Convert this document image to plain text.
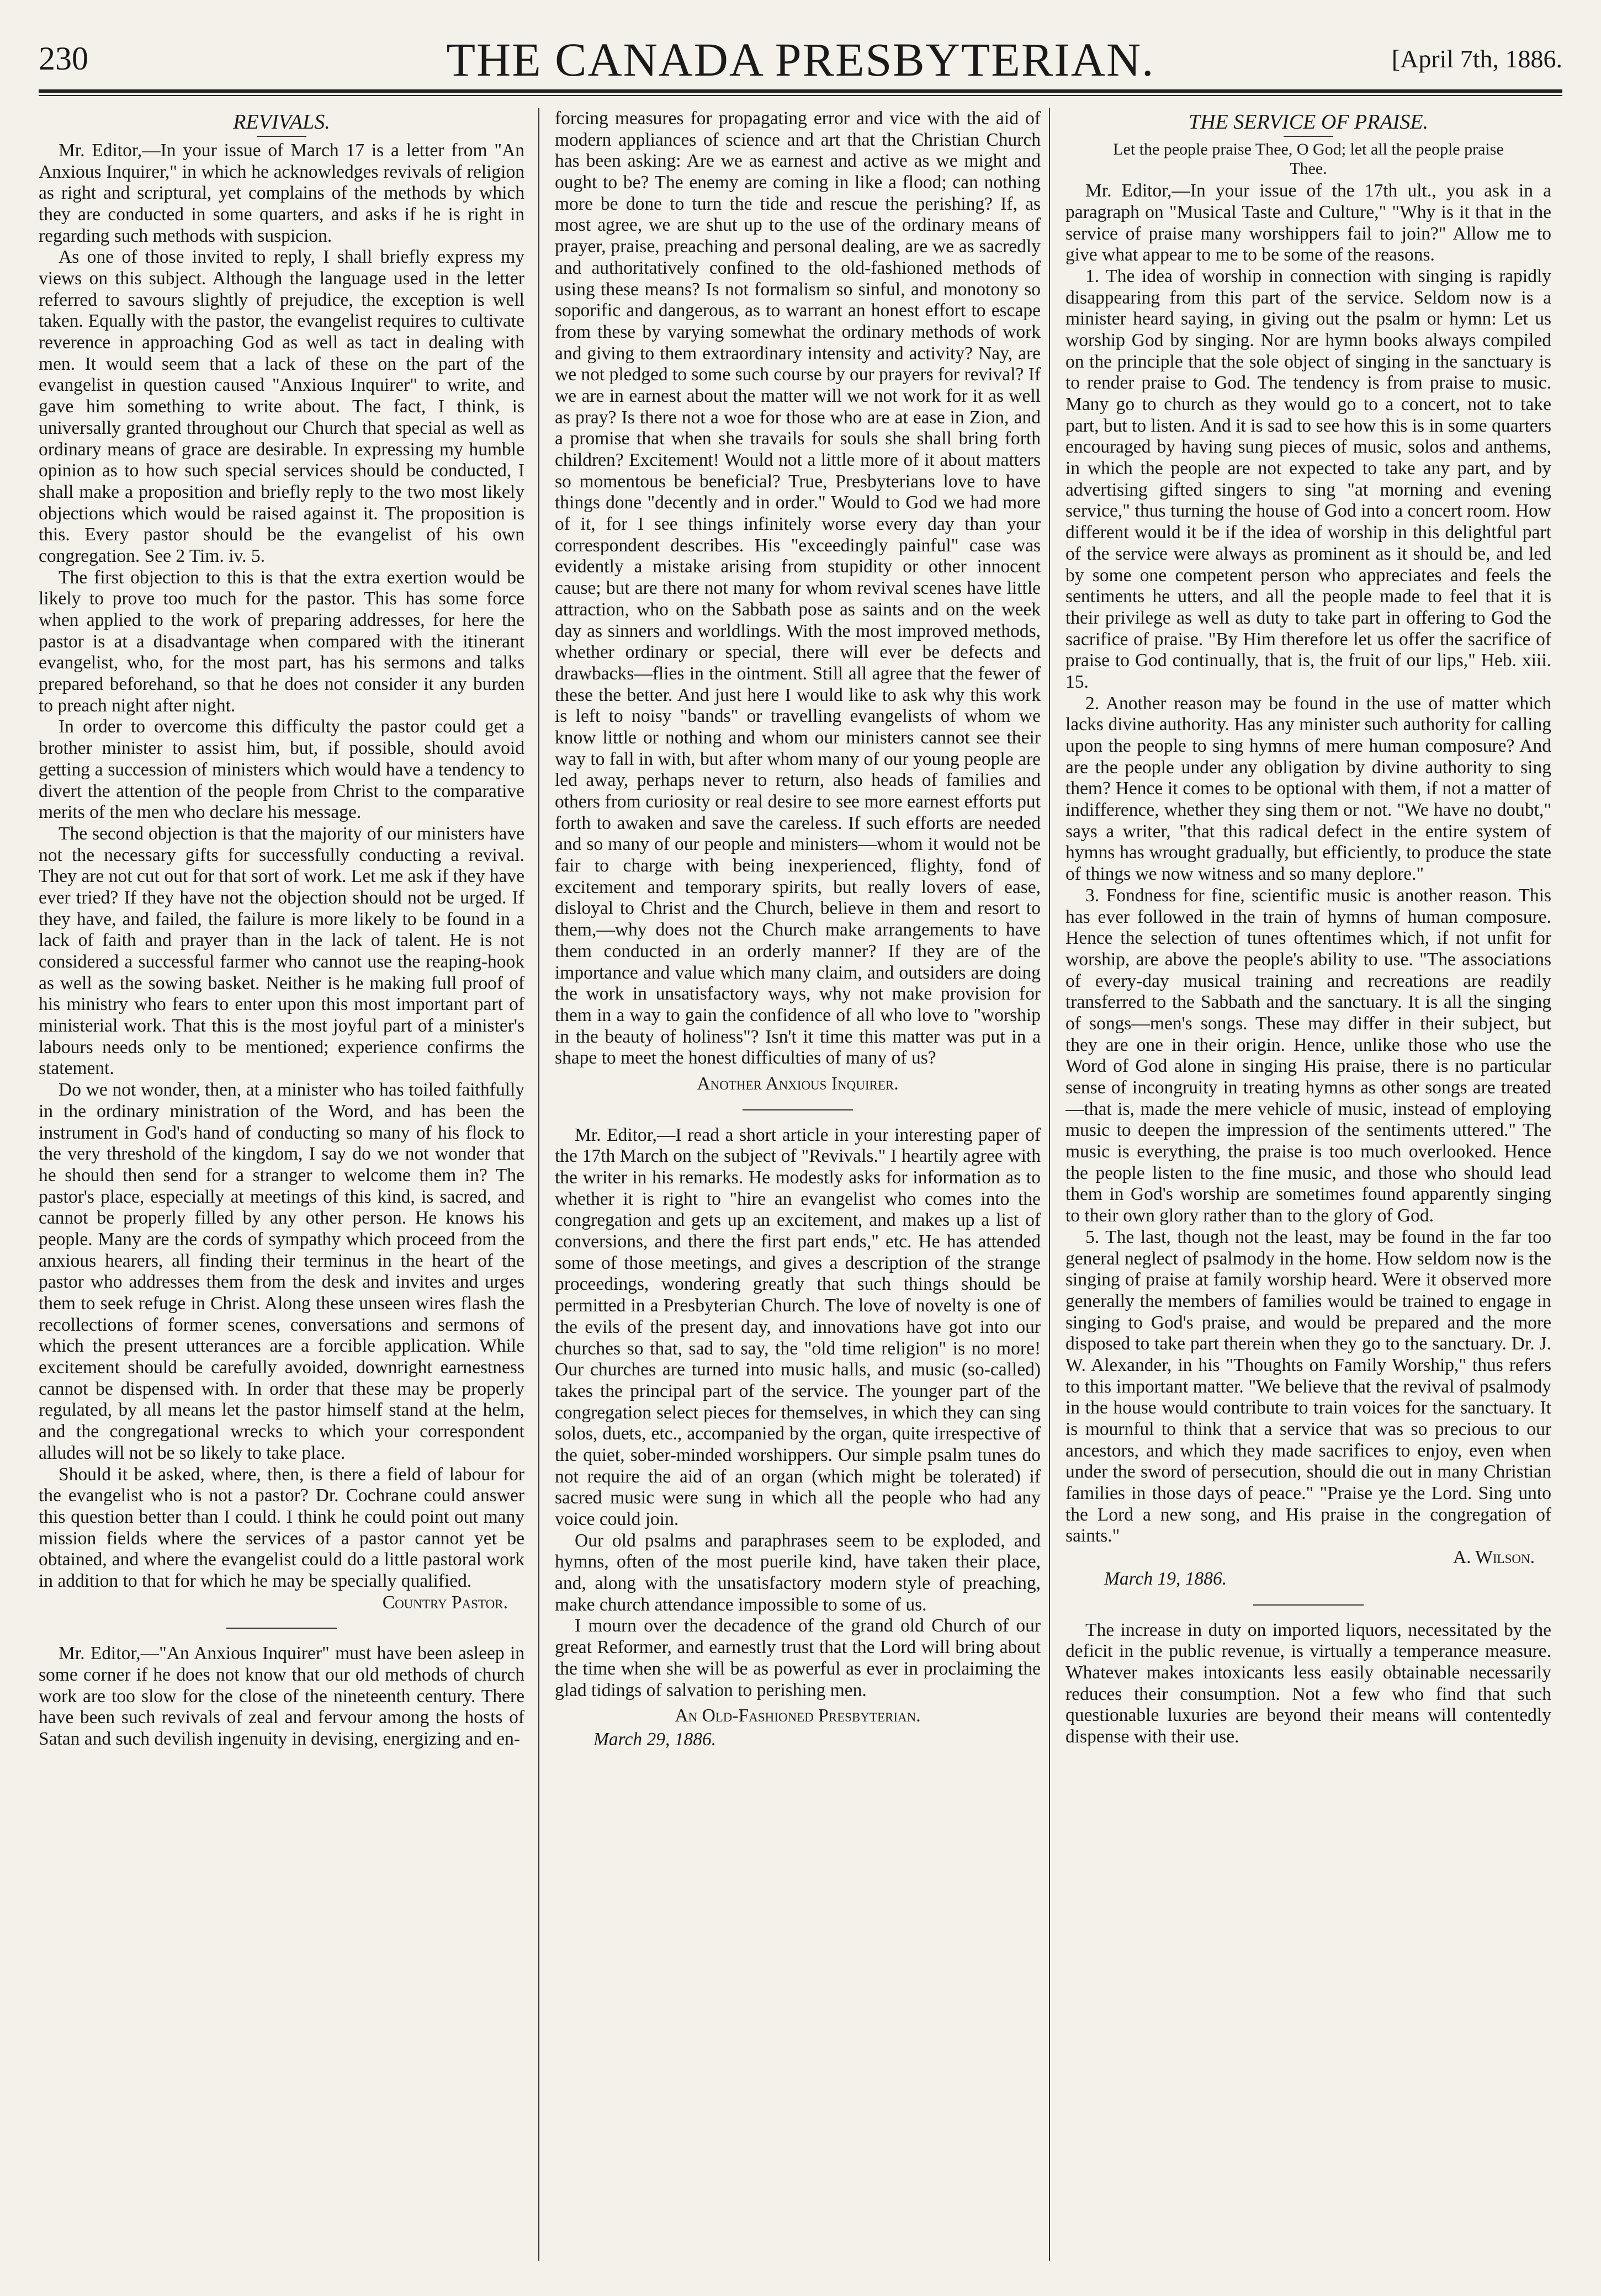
230	THE CANADA PRESBYTERIAN.	[April 7th, 1886.
REVIVALS.

Mr. Editor,—In your issue of March 17 is a letter from "An Anxious Inquirer," in which he acknowledges revivals of religion as right and scriptural, yet complains of the methods by which they are conducted in some quarters, and asks if he is right in regarding such methods with suspicion.

As one of those invited to reply, I shall briefly express my views on this subject. Although the language used in the letter referred to savours slightly of prejudice, the exception is well taken. Equally with the pastor, the evangelist requires to cultivate reverence in approaching God as well as tact in dealing with men. It would seem that a lack of these on the part of the evangelist in question caused "Anxious Inquirer" to write, and gave him something to write about. The fact, I think, is universally granted throughout our Church that special as well as ordinary means of grace are desirable. In expressing my humble opinion as to how such special services should be conducted, I shall make a proposition and briefly reply to the two most likely objections which would be raised against it. The proposition is this. Every pastor should be the evangelist of his own congregation. See 2 Tim. iv. 5.

The first objection to this is that the extra exertion would be likely to prove too much for the pastor. This has some force when applied to the work of preparing addresses, for here the pastor is at a disadvantage when compared with the itinerant evangelist, who, for the most part, has his sermons and talks prepared beforehand, so that he does not consider it any burden to preach night after night.

In order to overcome this difficulty the pastor could get a brother minister to assist him, but, if possible, should avoid getting a succession of ministers which would have a tendency to divert the attention of the people from Christ to the comparative merits of the men who declare his message.

The second objection is that the majority of our ministers have not the necessary gifts for successfully conducting a revival. They are not cut out for that sort of work. Let me ask if they have ever tried? If they have not the objection should not be urged. If they have, and failed, the failure is more likely to be found in a lack of faith and prayer than in the lack of talent. He is not considered a successful farmer who cannot use the reaping-hook as well as the sowing basket. Neither is he making full proof of his ministry who fears to enter upon this most important part of ministerial work. That this is the most joyful part of a minister's labours needs only to be mentioned; experience confirms the statement.

Do we not wonder, then, at a minister who has toiled faithfully in the ordinary ministration of the Word, and has been the instrument in God's hand of conducting so many of his flock to the very threshold of the kingdom, I say do we not wonder that he should then send for a stranger to welcome them in? The pastor's place, especially at meetings of this kind, is sacred, and cannot be properly filled by any other person. He knows his people. Many are the cords of sympathy which proceed from the anxious hearers, all finding their terminus in the heart of the pastor who addresses them from the desk and invites and urges them to seek refuge in Christ. Along these unseen wires flash the recollections of former scenes, conversations and sermons of which the present utterances are a forcible application. While excitement should be carefully avoided, downright earnestness cannot be dispensed with. In order that these may be properly regulated, by all means let the pastor himself stand at the helm, and the congregational wrecks to which your correspondent alludes will not be so likely to take place.

Should it be asked, where, then, is there a field of labour for the evangelist who is not a pastor? Dr. Cochrane could answer this question better than I could. I think he could point out many mission fields where the services of a pastor cannot yet be obtained, and where the evangelist could do a little pastoral work in addition to that for which he may be specially qualified.

Country Pastor.

Mr. Editor,—"An Anxious Inquirer" must have been asleep in some corner if he does not know that our old methods of church work are too slow for the close of the nineteenth century. There have been such revivals of zeal and fervour among the hosts of Satan and such devilish ingenuity in devising, energizing and en-

forcing measures for propagating error and vice with the aid of modern appliances of science and art that the Christian Church has been asking: Are we as earnest and active as we might and ought to be? The enemy are coming in like a flood; can nothing more be done to turn the tide and rescue the perishing? If, as most agree, we are shut up to the use of the ordinary means of prayer, praise, preaching and personal dealing, are we as sacredly and authoritatively confined to the old-fashioned methods of using these means? Is not formalism so sinful, and monotony so soporific and dangerous, as to warrant an honest effort to escape from these by varying somewhat the ordinary methods of work and giving to them extraordinary intensity and activity? Nay, are we not pledged to some such course by our prayers for revival? If we are in earnest about the matter will we not work for it as well as pray? Is there not a woe for those who are at ease in Zion, and a promise that when she travails for souls she shall bring forth children? Excitement! Would not a little more of it about matters so momentous be beneficial? True, Presbyterians love to have things done "decently and in order." Would to God we had more of it, for I see things infinitely worse every day than your correspondent describes. His "exceedingly painful" case was evidently a mistake arising from stupidity or other innocent cause; but are there not many for whom revival scenes have little attraction, who on the Sabbath pose as saints and on the week day as sinners and worldlings. With the most improved methods, whether ordinary or special, there will ever be defects and drawbacks—flies in the ointment. Still all agree that the fewer of these the better. And just here I would like to ask why this work is left to noisy "bands" or travelling evangelists of whom we know little or nothing and whom our ministers cannot see their way to fall in with, but after whom many of our young people are led away, perhaps never to return, also heads of families and others from curiosity or real desire to see more earnest efforts put forth to awaken and save the careless. If such efforts are needed and so many of our people and ministers—whom it would not be fair to charge with being inexperienced, flighty, fond of excitement and temporary spirits, but really lovers of ease, disloyal to Christ and the Church, believe in them and resort to them,—why does not the Church make arrangements to have them conducted in an orderly manner? If they are of the importance and value which many claim, and outsiders are doing the work in unsatisfactory ways, why not make provision for them in a way to gain the confidence of all who love to "worship in the beauty of holiness"? Isn't it time this matter was put in a shape to meet the honest difficulties of many of us?

Another Anxious Inquirer.

Mr. Editor,—I read a short article in your interesting paper of the 17th March on the subject of "Revivals." I heartily agree with the writer in his remarks. He modestly asks for information as to whether it is right to "hire an evangelist who comes into the congregation and gets up an excitement, and makes up a list of conversions, and there the first part ends," etc. He has attended some of those meetings, and gives a description of the strange proceedings, wondering greatly that such things should be permitted in a Presbyterian Church. The love of novelty is one of the evils of the present day, and innovations have got into our churches so that, sad to say, the "old time religion" is no more! Our churches are turned into music halls, and music (so-called) takes the principal part of the service. The younger part of the congregation select pieces for themselves, in which they can sing solos, duets, etc., accompanied by the organ, quite irrespective of the quiet, sober-minded worshippers. Our simple psalm tunes do not require the aid of an organ (which might be tolerated) if sacred music were sung in which all the people who had any voice could join.

Our old psalms and paraphrases seem to be exploded, and hymns, often of the most puerile kind, have taken their place, and, along with the unsatisfactory modern style of preaching, make church attendance impossible to some of us.

I mourn over the decadence of the grand old Church of our great Reformer, and earnestly trust that the Lord will bring about the time when she will be as powerful as ever in proclaiming the glad tidings of salvation to perishing men.

An Old-Fashioned Presbyterian.

March 29, 1886.

THE SERVICE OF PRAISE.
Let the people praise Thee, O God; let all the people praise Thee.

Mr. Editor,—In your issue of the 17th ult., you ask in a paragraph on "Musical Taste and Culture," "Why is it that in the service of praise many worshippers fail to join?" Allow me to give what appear to me to be some of the reasons.

1. The idea of worship in connection with singing is rapidly disappearing from this part of the service. Seldom now is a minister heard saying, in giving out the psalm or hymn: Let us worship God by singing. Nor are hymn books always compiled on the principle that the sole object of singing in the sanctuary is to render praise to God. The tendency is from praise to music. Many go to church as they would go to a concert, not to take part, but to listen. And it is sad to see how this is in some quarters encouraged by having sung pieces of music, solos and anthems, in which the people are not expected to take any part, and by advertising gifted singers to sing "at morning and evening service," thus turning the house of God into a concert room. How different would it be if the idea of worship in this delightful part of the service were always as prominent as it should be, and led by some one competent person who appreciates and feels the sentiments he utters, and all the people made to feel that it is their privilege as well as duty to take part in offering to God the sacrifice of praise. "By Him therefore let us offer the sacrifice of praise to God continually, that is, the fruit of our lips," Heb. xiii. 15.

2. Another reason may be found in the use of matter which lacks divine authority. Has any minister such authority for calling upon the people to sing hymns of mere human composure? And are the people under any obligation by divine authority to sing them? Hence it comes to be optional with them, if not a matter of indifference, whether they sing them or not. "We have no doubt," says a writer, "that this radical defect in the entire system of hymns has wrought gradually, but efficiently, to produce the state of things we now witness and so many deplore."

3. Fondness for fine, scientific music is another reason. This has ever followed in the train of hymns of human composure. Hence the selection of tunes oftentimes which, if not unfit for worship, are above the people's ability to use. "The associations of every-day musical training and recreations are readily transferred to the Sabbath and the sanctuary. It is all the singing of songs—men's songs. These may differ in their subject, but they are one in their origin. Hence, unlike those who use the Word of God alone in singing His praise, there is no particular sense of incongruity in treating hymns as other songs are treated—that is, made the mere vehicle of music, instead of employing music to deepen the impression of the sentiments uttered." The music is everything, the praise is too much overlooked. Hence the people listen to the fine music, and those who should lead them in God's worship are sometimes found apparently singing to their own glory rather than to the glory of God.

5. The last, though not the least, may be found in the far too general neglect of psalmody in the home. How seldom now is the singing of praise at family worship heard. Were it observed more generally the members of families would be trained to engage in singing to God's praise, and would be prepared and the more disposed to take part therein when they go to the sanctuary. Dr. J. W. Alexander, in his "Thoughts on Family Worship," thus refers to this important matter. "We believe that the revival of psalmody in the house would contribute to train voices for the sanctuary. It is mournful to think that a service that was so precious to our ancestors, and which they made sacrifices to enjoy, even when under the sword of persecution, should die out in many Christian families in those days of peace." "Praise ye the Lord. Sing unto the Lord a new song, and His praise in the congregation of saints."

A. Wilson.

March 19, 1886.

The increase in duty on imported liquors, necessitated by the deficit in the public revenue, is virtually a temperance measure. Whatever makes intoxicants less easily obtainable necessarily reduces their consumption. Not a few who find that such questionable luxuries are beyond their means will contentedly dispense with their use.
